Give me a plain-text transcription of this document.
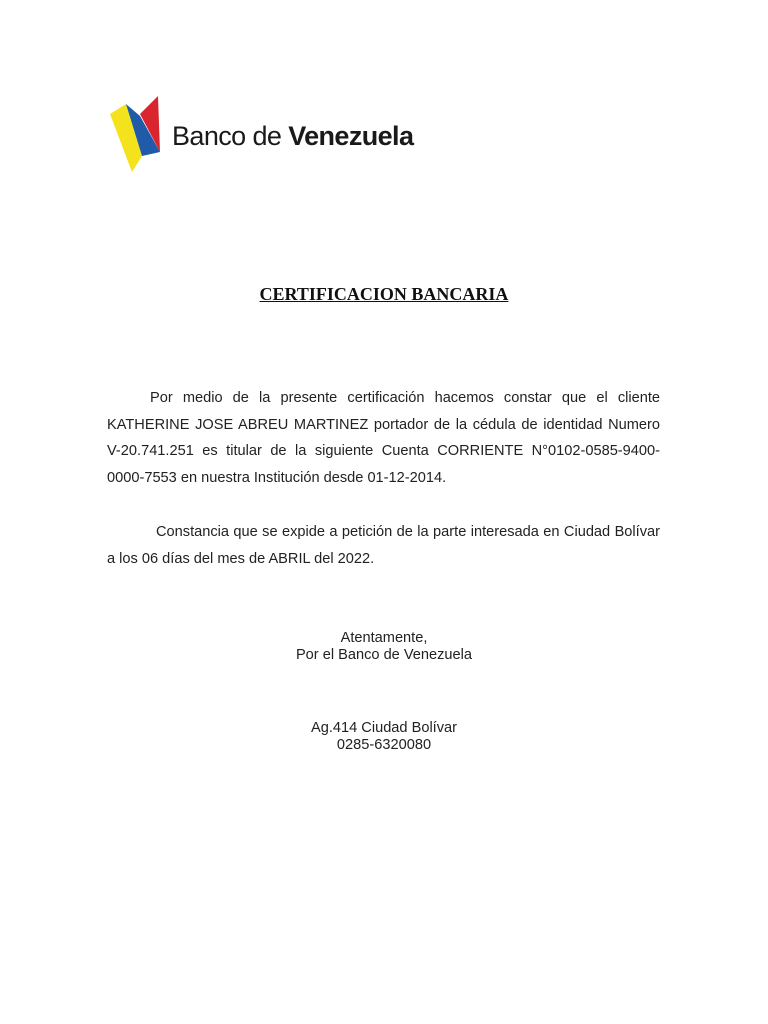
Banco de Venezuela
CERTIFICACION BANCARIA

Por medio de la presente certificación hacemos constar que el cliente KATHERINE JOSE ABREU MARTINEZ portador de la cédula de identidad Numero V-20.741.251 es titular de la siguiente Cuenta CORRIENTE N°0102-0585-9400-0000-7553 en nuestra Institución desde 01-12-2014.

Constancia que se expide a petición de la parte interesada en Ciudad Bolívar a los 06 días del mes de ABRIL del 2022.

Atentamente,
Por el Banco de Venezuela
Ag.414 Ciudad Bolívar
0285-6320080
